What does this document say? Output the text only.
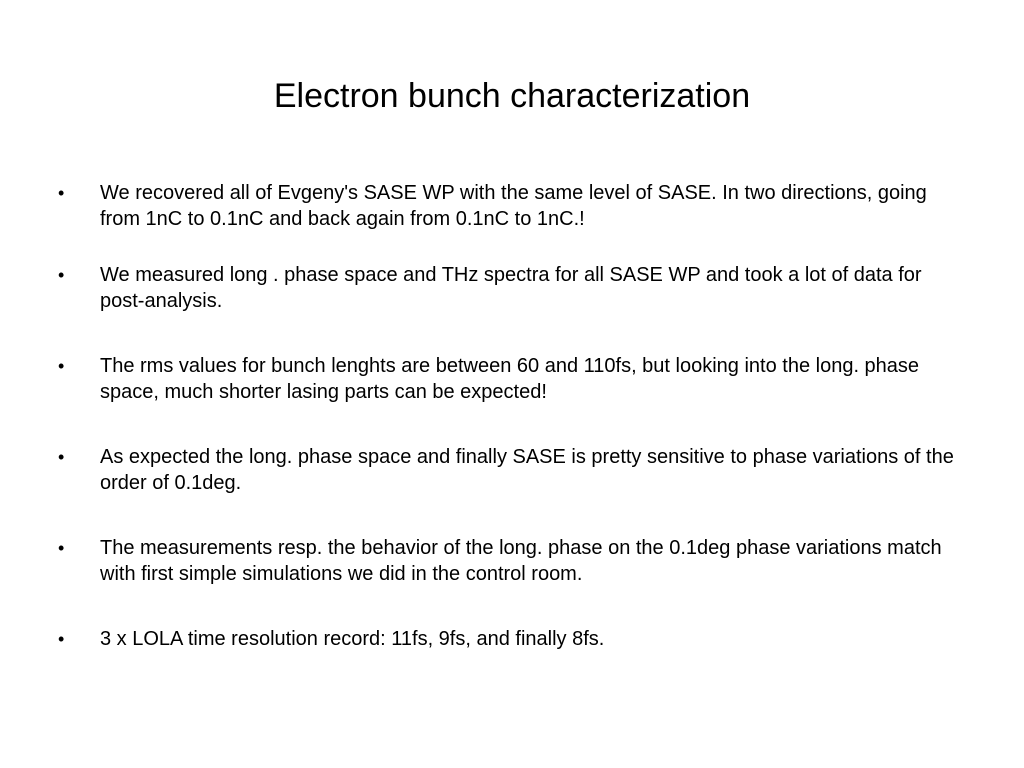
Electron bunch characterization
•	We recovered all of Evgeny's SASE WP with the same level of SASE. In two directions, going from 1nC to 0.1nC and back again from 0.1nC to 1nC.!
•	We measured long . phase space and THz spectra for all SASE WP and took a lot of data for post-analysis.
•	The rms values for bunch lenghts are between 60 and 110fs, but looking into the long. phase space, much shorter lasing parts can be expected!
•	As expected the long. phase space and finally SASE is pretty sensitive to phase variations of the order of 0.1deg.
•	The measurements resp. the behavior of the long. phase on the 0.1deg phase variations match with first simple simulations we did in the control room.
•	3 x LOLA time resolution record: 11fs, 9fs, and finally 8fs.
